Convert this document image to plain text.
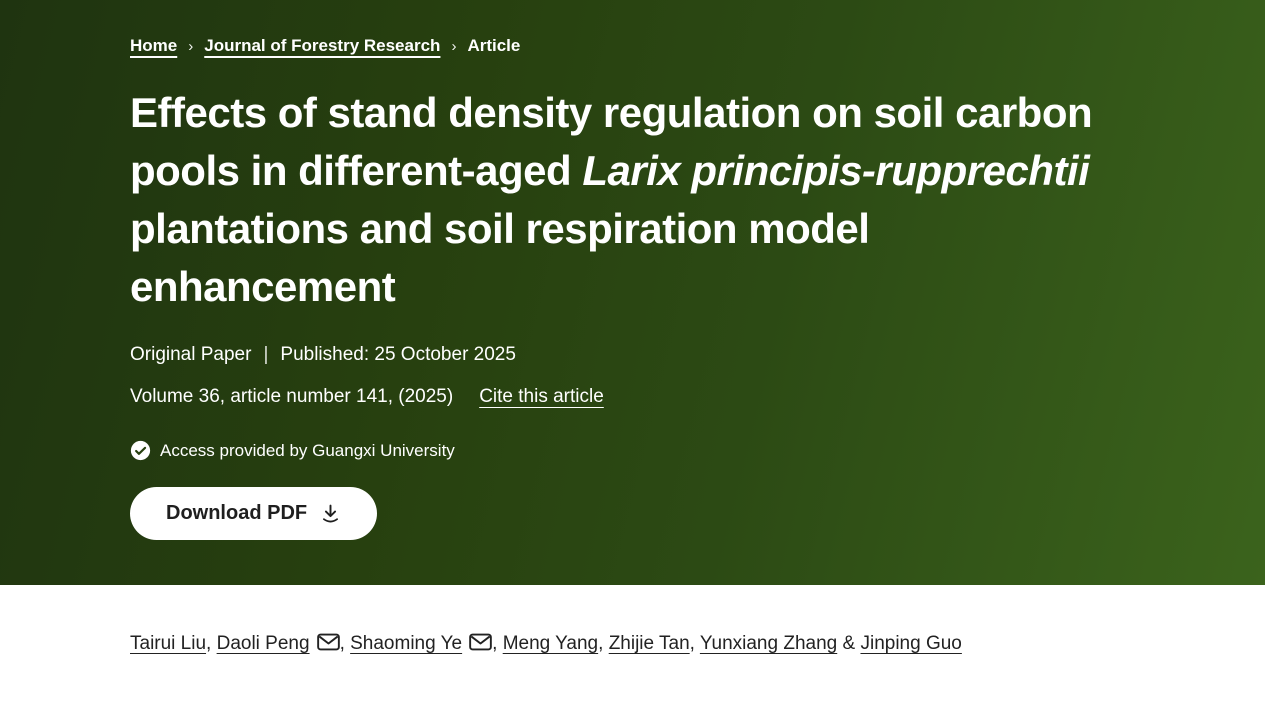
Home › Journal of Forestry Research › Article
Effects of stand density regulation on soil carbon pools in different-aged Larix principis-rupprechtii plantations and soil respiration model enhancement
Original Paper | Published: 25 October 2025
Volume 36, article number 141, (2025) Cite this article
Access provided by Guangxi University
Download PDF

Tairui Liu, Daoli Peng , Shaoming Ye , Meng Yang, Zhijie Tan, Yunxiang Zhang & Jinping Guo
